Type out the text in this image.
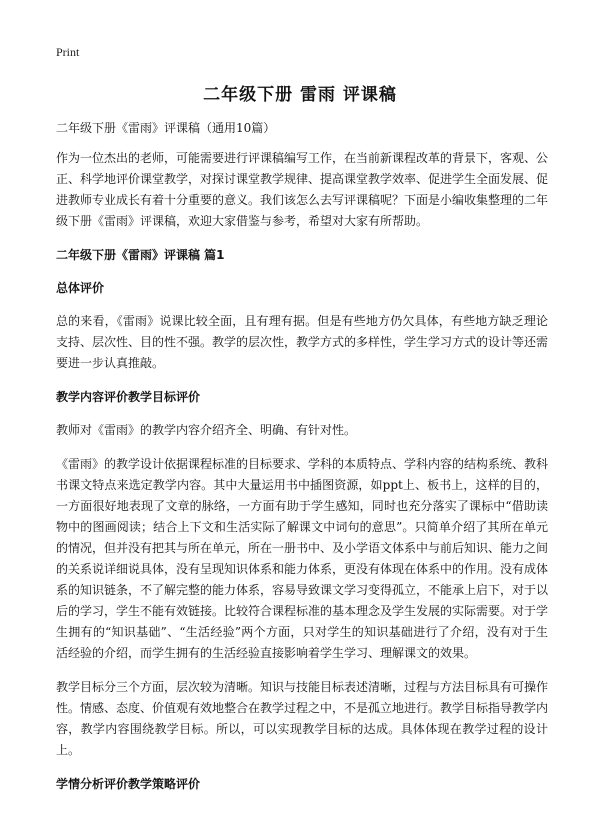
Print
二年级下册 雷雨 评课稿

二年级下册《雷雨》评课稿（通用10篇）

作为一位杰出的老师，可能需要进行评课稿编写工作，在当前新课程改革的背景下，客观、公正、科学地评价课堂教学，对探讨课堂教学规律、提高课堂教学效率、促进学生全面发展、促进教师专业成长有着十分重要的意义。我们该怎么去写评课稿呢？下面是小编收集整理的二年级下册《雷雨》评课稿，欢迎大家借鉴与参考，希望对大家有所帮助。

二年级下册《雷雨》评课稿 篇1

总体评价

总的来看，《雷雨》说课比较全面，且有理有据。但是有些地方仍欠具体，有些地方缺乏理论支持、层次性、目的性不强。教学的层次性，教学方式的多样性，学生学习方式的设计等还需要进一步认真推敲。

教学内容评价教学目标评价

教师对《雷雨》的教学内容介绍齐全、明确、有针对性。

《雷雨》的教学设计依据课程标准的目标要求、学科的本质特点、学科内容的结构系统、教科书课文特点来选定教学内容。其中大量运用书中插图资源，如ppt上、板书上，这样的目的，一方面很好地表现了文章的脉络，一方面有助于学生感知，同时也充分落实了课标中“借助读物中的图画阅读；结合上下文和生活实际了解课文中词句的意思”。只简单介绍了其所在单元的情况，但并没有把其与所在单元，所在一册书中、及小学语文体系中与前后知识、能力之间的关系说详细说具体，没有呈现知识体系和能力体系，更没有体现在体系中的作用。没有成体系的知识链条，不了解完整的能力体系，容易导致课文学习变得孤立，不能承上启下，对于以后的学习，学生不能有效链接。比较符合课程标准的基本理念及学生发展的实际需要。对于学生拥有的“知识基础”、“生活经验”两个方面，只对学生的知识基础进行了介绍，没有对于生活经验的介绍，而学生拥有的生活经验直接影响着学生学习、理解课文的效果。

教学目标分三个方面，层次较为清晰。知识与技能目标表述清晰，过程与方法目标具有可操作性。情感、态度、价值观有效地整合在教学过程之中，不是孤立地进行。教学目标指导教学内容，教学内容围绕教学目标。所以，可以实现教学目标的达成。具体体现在教学过程的设计上。

学情分析评价教学策略评价
